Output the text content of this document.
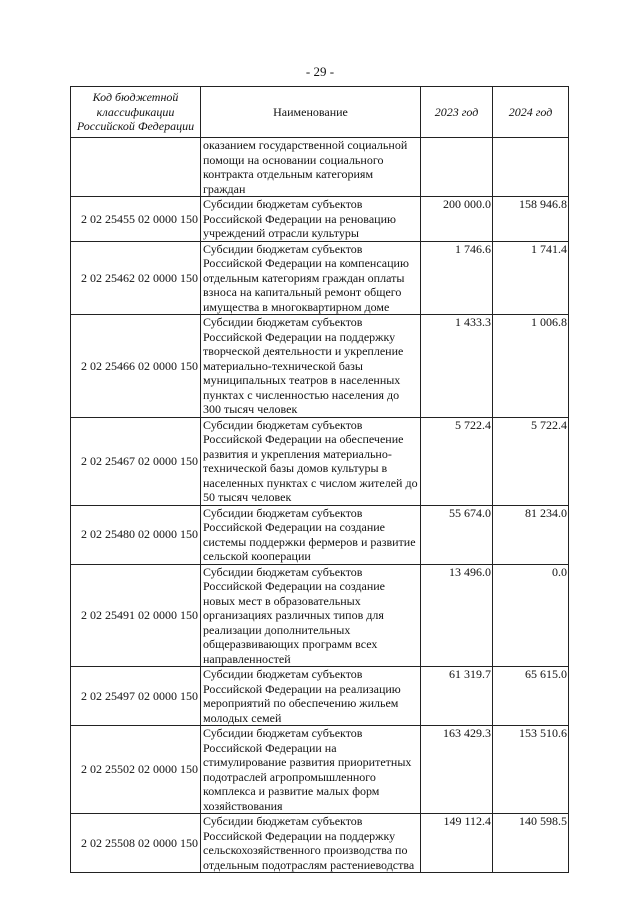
- 29 -
Код бюджетной классификации Российской Федерации	Наименование	2023 год	2024 год
	оказанием государственной социальной помощи на основании социального контракта отдельным категориям граждан		
2 02 25455 02 0000 150	Субсидии бюджетам субъектов Российской Федерации на реновацию учреждений отрасли культуры	200 000.0	158 946.8
2 02 25462 02 0000 150	Субсидии бюджетам субъектов Российской Федерации на компенсацию отдельным категориям граждан оплаты взноса на капитальный ремонт общего имущества в многоквартирном доме	1 746.6	1 741.4
2 02 25466 02 0000 150	Субсидии бюджетам субъектов Российской Федерации на поддержку творческой деятельности и укрепление материально-технической базы муниципальных театров в населенных пунктах с численностью населения до 300 тысяч человек	1 433.3	1 006.8
2 02 25467 02 0000 150	Субсидии бюджетам субъектов Российской Федерации на обеспечение развития и укрепления материально-технической базы домов культуры в населенных пунктах с числом жителей до 50 тысяч человек	5 722.4	5 722.4
2 02 25480 02 0000 150	Субсидии бюджетам субъектов Российской Федерации на создание системы поддержки фермеров и развитие сельской кооперации	55 674.0	81 234.0
2 02 25491 02 0000 150	Субсидии бюджетам субъектов Российской Федерации на создание новых мест в образовательных организациях различных типов для реализации дополнительных общеразвивающих программ всех направленностей	13 496.0	0.0
2 02 25497 02 0000 150	Субсидии бюджетам субъектов Российской Федерации на реализацию мероприятий по обеспечению жильем молодых семей	61 319.7	65 615.0
2 02 25502 02 0000 150	Субсидии бюджетам субъектов Российской Федерации на стимулирование развития приоритетных подотраслей агропромышленного комплекса и развитие малых форм хозяйствования	163 429.3	153 510.6
2 02 25508 02 0000 150	Субсидии бюджетам субъектов Российской Федерации на поддержку сельскохозяйственного производства по отдельным подотраслям растениеводства	149 112.4	140 598.5
